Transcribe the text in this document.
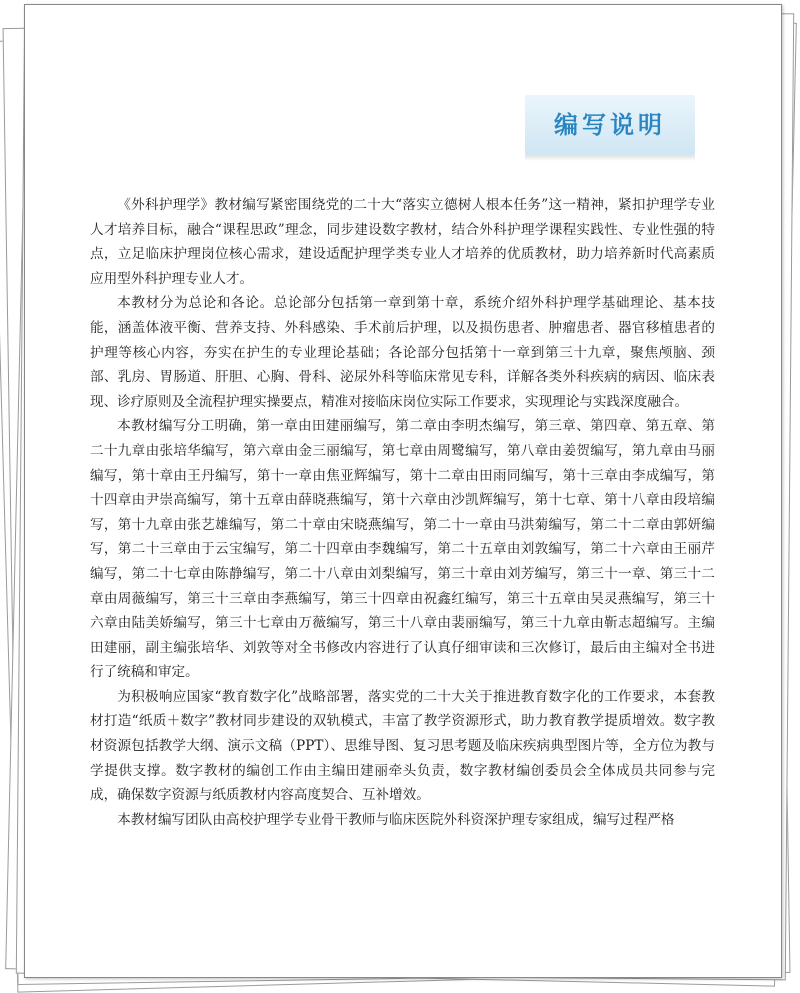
编写说明

《外科护理学》教材编写紧密围绕党的二十大“落实立德树人根本任务”这一精神，紧扣护理学专业人才培养目标，融合“课程思政”理念，同步建设数字教材，结合外科护理学课程实践性、专业性强的特点，立足临床护理岗位核心需求，建设适配护理学类专业人才培养的优质教材，助力培养新时代高素质应用型外科护理专业人才。

本教材分为总论和各论。总论部分包括第一章到第十章，系统介绍外科护理学基础理论、基本技能，涵盖体液平衡、营养支持、外科感染、手术前后护理，以及损伤患者、肿瘤患者、器官移植患者的护理等核心内容，夯实在护生的专业理论基础；各论部分包括第十一章到第三十九章，聚焦颅脑、颈部、乳房、胃肠道、肝胆、心胸、骨科、泌尿外科等临床常见专科，详解各类外科疾病的病因、临床表现、诊疗原则及全流程护理实操要点，精准对接临床岗位实际工作要求，实现理论与实践深度融合。

本教材编写分工明确，第一章由田建丽编写，第二章由李明杰编写，第三章、第四章、第五章、第二十九章由张培华编写，第六章由金三丽编写，第七章由周鹭编写，第八章由姜贺编写，第九章由马丽编写，第十章由王丹编写，第十一章由焦亚辉编写，第十二章由田雨同编写，第十三章由李成编写，第十四章由尹崇高编写，第十五章由薛晓燕编写，第十六章由沙凯辉编写，第十七章、第十八章由段培编写，第十九章由张艺雄编写，第二十章由宋晓燕编写，第二十一章由马洪菊编写，第二十二章由郭妍编写，第二十三章由于云宝编写，第二十四章由李魏编写，第二十五章由刘敦编写，第二十六章由王丽芹编写，第二十七章由陈静编写，第二十八章由刘梨编写，第三十章由刘芳编写，第三十一章、第三十二章由周薇编写，第三十三章由李燕编写，第三十四章由祝鑫红编写，第三十五章由吴灵燕编写，第三十六章由陆美娇编写，第三十七章由万薇编写，第三十八章由裴丽编写，第三十九章由靳志超编写。主编田建丽，副主编张培华、刘敦等对全书修改内容进行了认真仔细审读和三次修订，最后由主编对全书进行了统稿和审定。

为积极响应国家“教育数字化”战略部署，落实党的二十大关于推进教育数字化的工作要求，本套教材打造“纸质＋数字”教材同步建设的双轨模式，丰富了教学资源形式，助力教育教学提质增效。数字教材资源包括教学大纲、演示文稿（PPT）、思维导图、复习思考题及临床疾病典型图片等，全方位为教与学提供支撑。数字教材的编创工作由主编田建丽牵头负责，数字教材编创委员会全体成员共同参与完成，确保数字资源与纸质教材内容高度契合、互补增效。

本教材编写团队由高校护理学专业骨干教师与临床医院外科资深护理专家组成，编写过程严格
